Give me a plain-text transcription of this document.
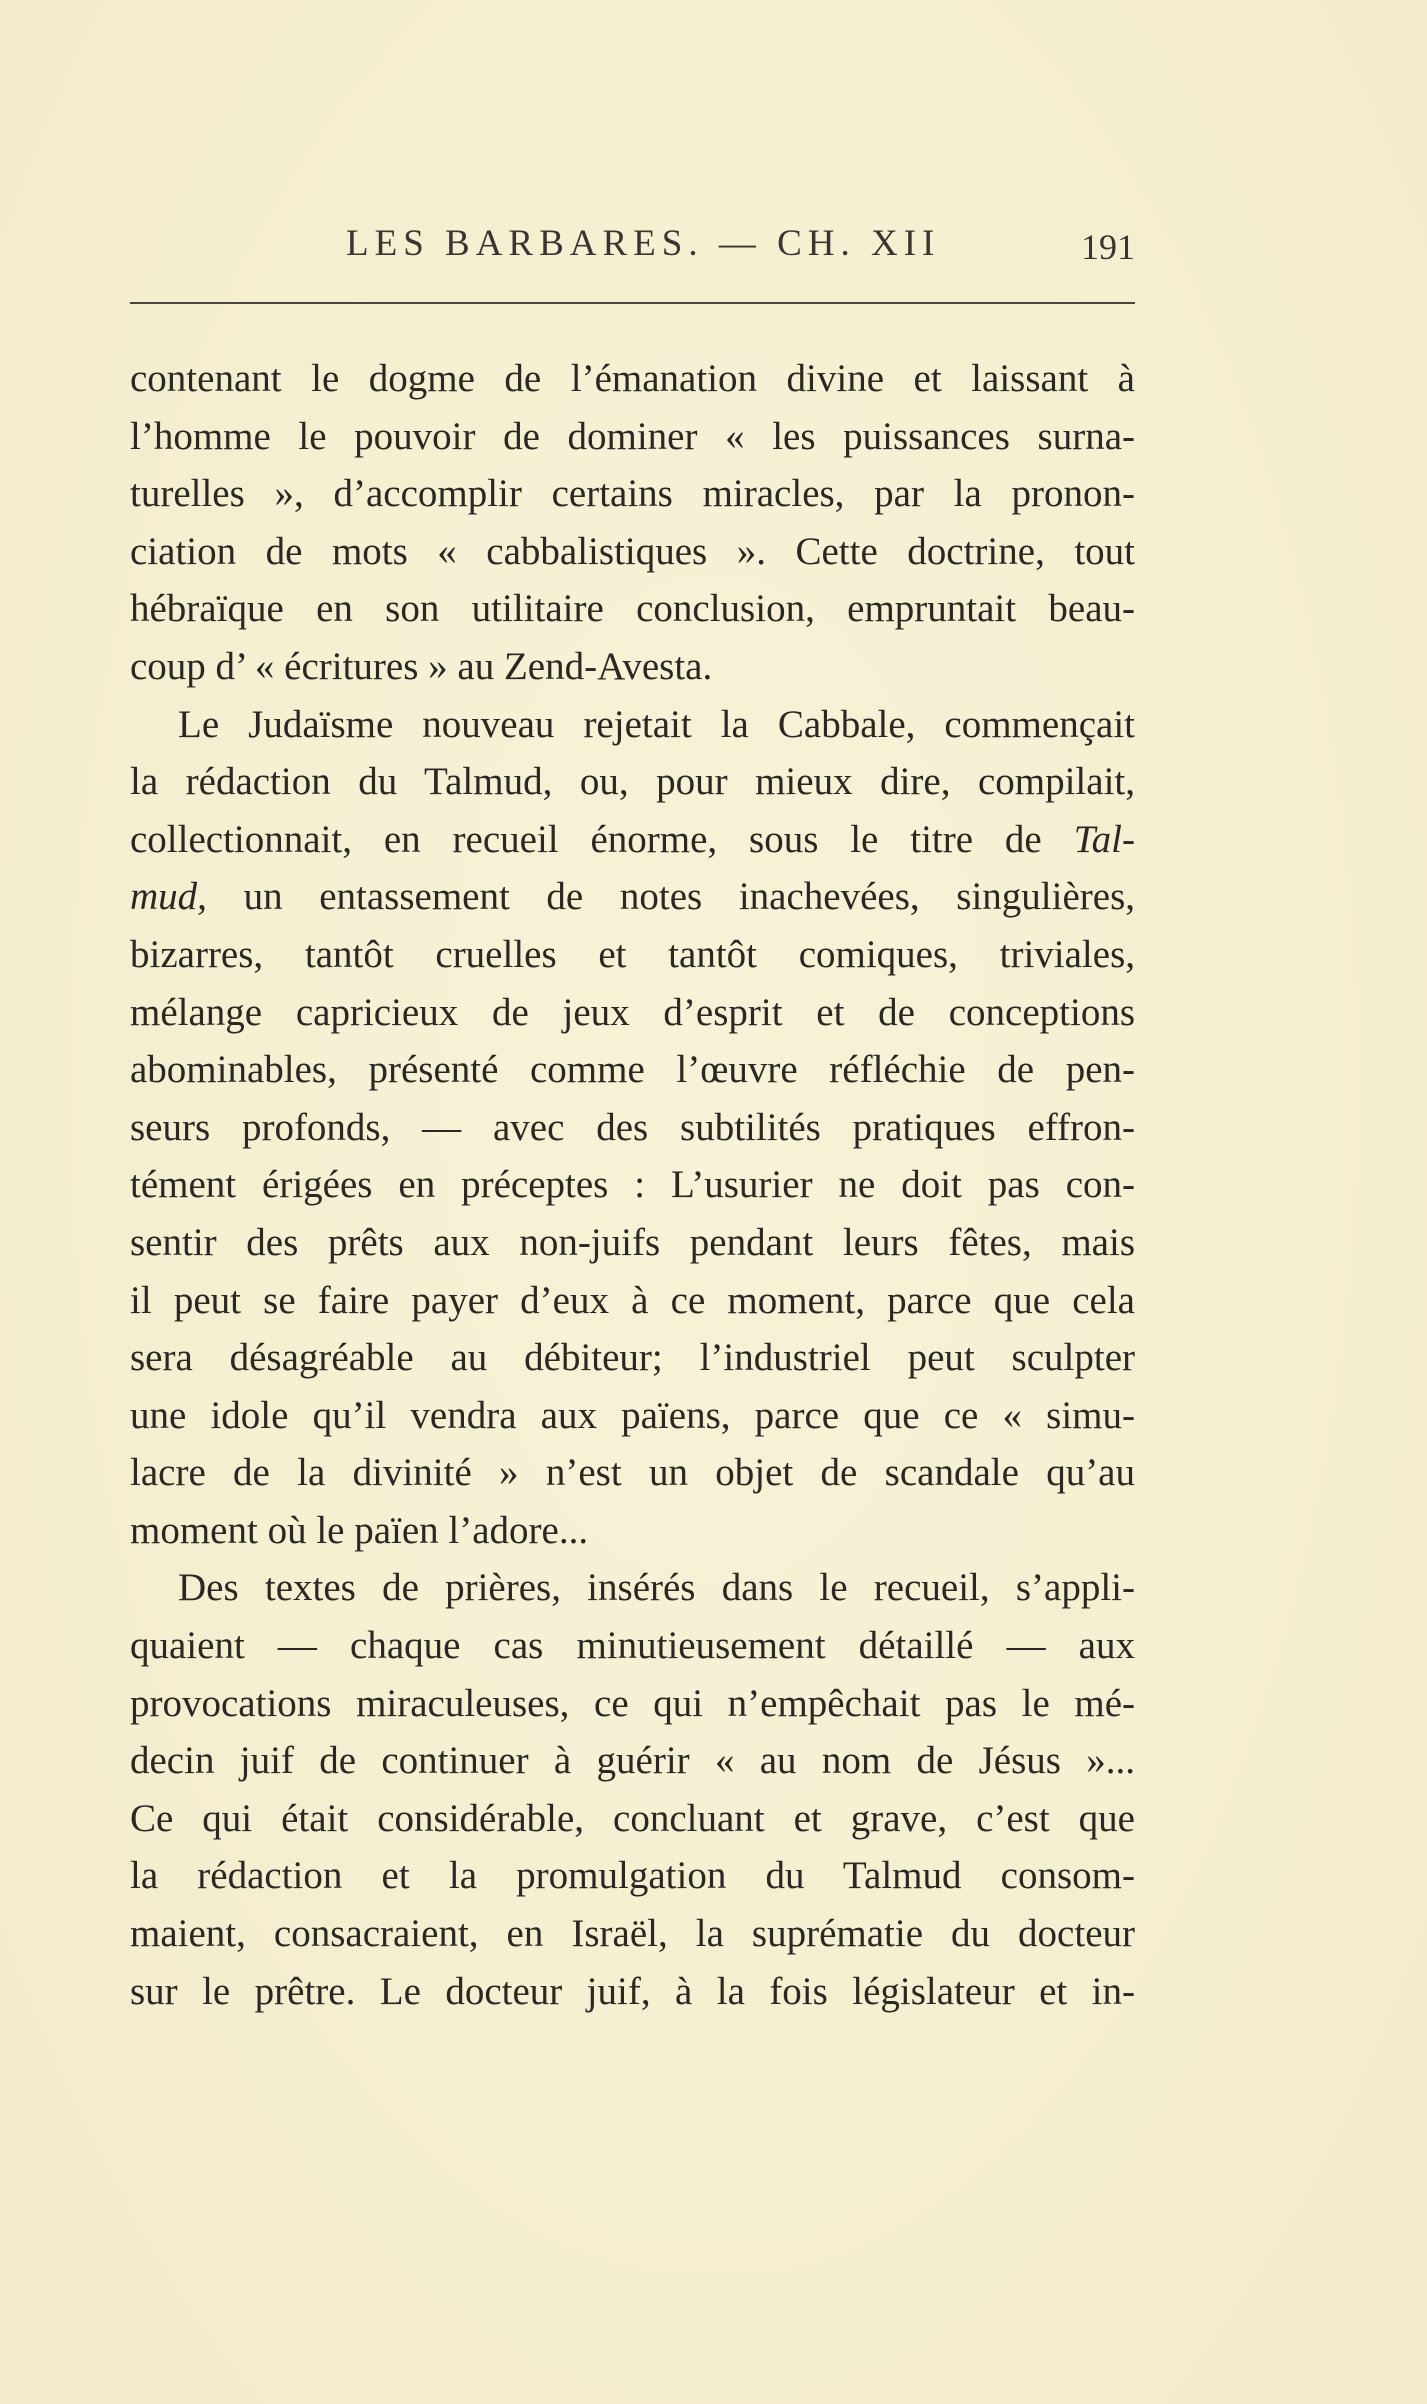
LES BARBARES. — CH. XII	191
contenant le dogme de l’émanation divine et laissant à
l’homme le pouvoir de dominer « les puissances surna-
turelles », d’accomplir certains miracles, par la pronon-
ciation de mots « cabbalistiques ». Cette doctrine, tout
hébraïque en son utilitaire conclusion, empruntait beau-
coup d’ « écritures » au Zend-Avesta.
Le Judaïsme nouveau rejetait la Cabbale, commençait
la rédaction du Talmud, ou, pour mieux dire, compilait,
collectionnait, en recueil énorme, sous le titre de Tal-
mud, un entassement de notes inachevées, singulières,
bizarres, tantôt cruelles et tantôt comiques, triviales,
mélange capricieux de jeux d’esprit et de conceptions
abominables, présenté comme l’œuvre réfléchie de pen-
seurs profonds, — avec des subtilités pratiques effron-
tément érigées en préceptes : L’usurier ne doit pas con-
sentir des prêts aux non-juifs pendant leurs fêtes, mais
il peut se faire payer d’eux à ce moment, parce que cela
sera désagréable au débiteur; l’industriel peut sculpter
une idole qu’il vendra aux païens, parce que ce « simu-
lacre de la divinité » n’est un objet de scandale qu’au
moment où le païen l’adore...
Des textes de prières, insérés dans le recueil, s’appli-
quaient — chaque cas minutieusement détaillé — aux
provocations miraculeuses, ce qui n’empêchait pas le mé-
decin juif de continuer à guérir « au nom de Jésus »...
Ce qui était considérable, concluant et grave, c’est que
la rédaction et la promulgation du Talmud consom-
maient, consacraient, en Israël, la suprématie du docteur
sur le prêtre. Le docteur juif, à la fois législateur et in-
